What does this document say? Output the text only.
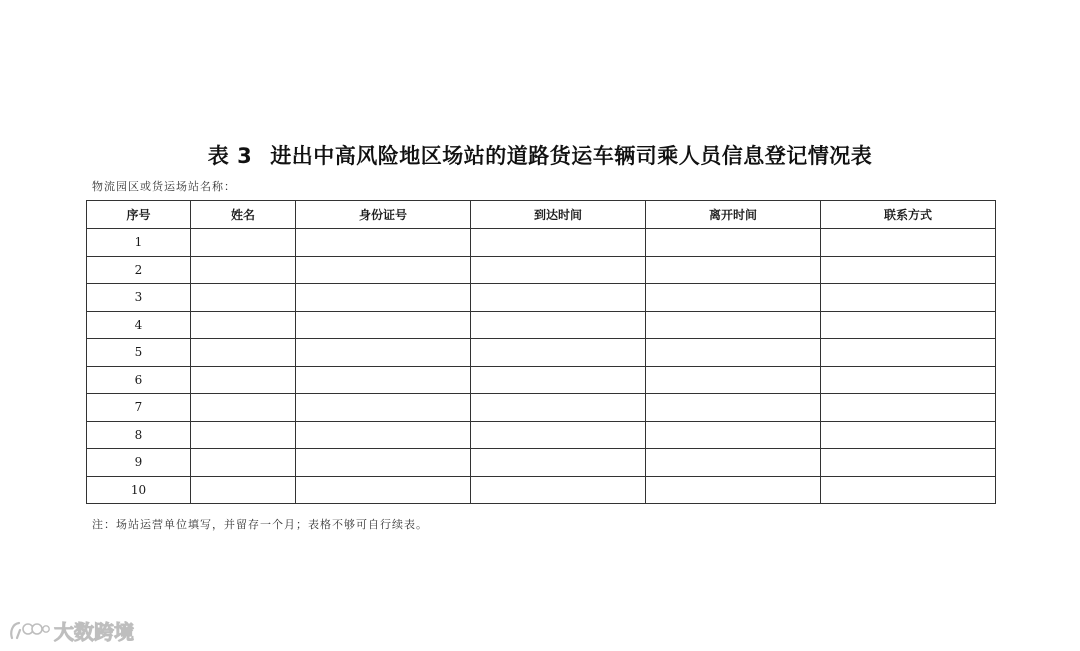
表 3 进出中高风险地区场站的道路货运车辆司乘人员信息登记情况表
物流园区或货运场站名称：
序号	姓名	身份证号	到达时间	离开时间	联系方式
1					
2					
3					
4					
5					
6					
7					
8					
9					
10					
注：场站运营单位填写，并留存一个月；表格不够可自行续表。
大数跨境
